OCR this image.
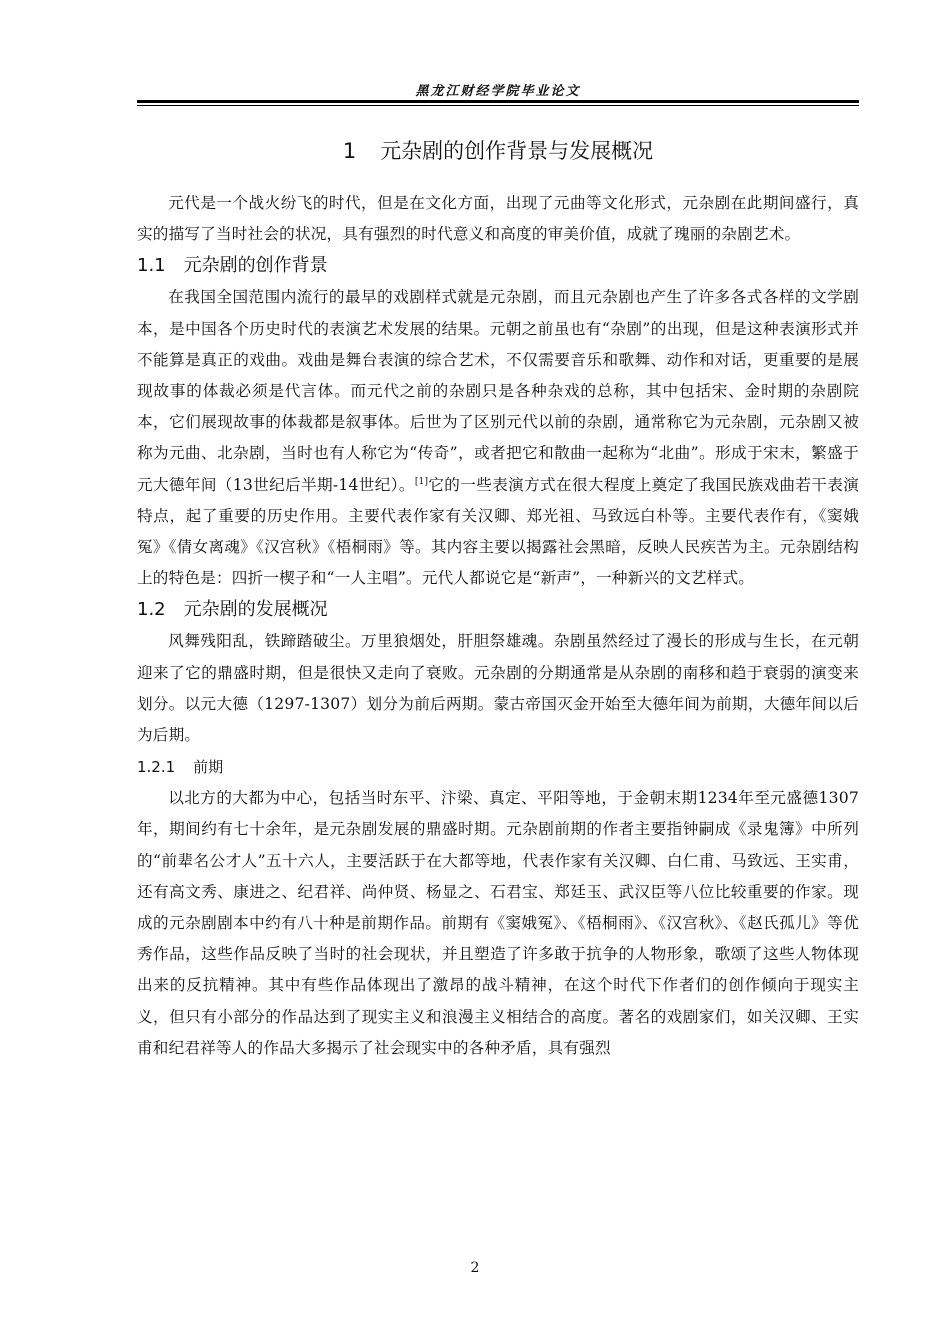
黑龙江财经学院毕业论文
1 元杂剧的创作背景与发展概况

元代是一个战火纷飞的时代，但是在文化方面，出现了元曲等文化形式，元杂剧在此期间盛行，真实的描写了当时社会的状况，具有强烈的时代意义和高度的审美价值，成就了瑰丽的杂剧艺术。

1.1 元杂剧的创作背景

在我国全国范围内流行的最早的戏剧样式就是元杂剧，而且元杂剧也产生了许多各式各样的文学剧本，是中国各个历史时代的表演艺术发展的结果。元朝之前虽也有“杂剧”的出现，但是这种表演形式并不能算是真正的戏曲。戏曲是舞台表演的综合艺术，不仅需要音乐和歌舞、动作和对话，更重要的是展现故事的体裁必须是代言体。而元代之前的杂剧只是各种杂戏的总称，其中包括宋、金时期的杂剧院本，它们展现故事的体裁都是叙事体。后世为了区别元代以前的杂剧，通常称它为元杂剧，元杂剧又被称为元曲、北杂剧，当时也有人称它为“传奇”，或者把它和散曲一起称为“北曲”。形成于宋末，繁盛于元大德年间（13世纪后半期-14世纪）。[1]它的一些表演方式在很大程度上奠定了我国民族戏曲若干表演特点，起了重要的历史作用。主要代表作家有关汉卿、郑光祖、马致远白朴等。主要代表作有，《窦娥冤》《倩女离魂》《汉宫秋》《梧桐雨》等。其内容主要以揭露社会黑暗，反映人民疾苦为主。元杂剧结构上的特色是：四折一楔子和“一人主唱”。元代人都说它是“新声”，一种新兴的文艺样式。

1.2 元杂剧的发展概况

风舞残阳乱，铁蹄踏破尘。万里狼烟处，肝胆祭雄魂。杂剧虽然经过了漫长的形成与生长，在元朝迎来了它的鼎盛时期，但是很快又走向了衰败。元杂剧的分期通常是从杂剧的南移和趋于衰弱的演变来划分。以元大德（1297-1307）划分为前后两期。蒙古帝国灭金开始至大德年间为前期，大德年间以后为后期。

1.2.1 前期

以北方的大都为中心，包括当时东平、汴梁、真定、平阳等地，于金朝末期1234年至元盛德1307年，期间约有七十余年，是元杂剧发展的鼎盛时期。元杂剧前期的作者主要指钟嗣成《录鬼簿》中所列的“前辈名公才人”五十六人，主要活跃于在大都等地，代表作家有关汉卿、白仁甫、马致远、王实甫，还有高文秀、康进之、纪君祥、尚仲贤、杨显之、石君宝、郑廷玉、武汉臣等八位比较重要的作家。现成的元杂剧剧本中约有八十种是前期作品。前期有《窦娥冤》、《梧桐雨》、《汉宫秋》、《赵氏孤儿》等优秀作品，这些作品反映了当时的社会现状，并且塑造了许多敢于抗争的人物形象，歌颂了这些人物体现出来的反抗精神。其中有些作品体现出了激昂的战斗精神，在这个时代下作者们的创作倾向于现实主义，但只有小部分的作品达到了现实主义和浪漫主义相结合的高度。著名的戏剧家们，如关汉卿、王实甫和纪君祥等人的作品大多揭示了社会现实中的各种矛盾，具有强烈

2
